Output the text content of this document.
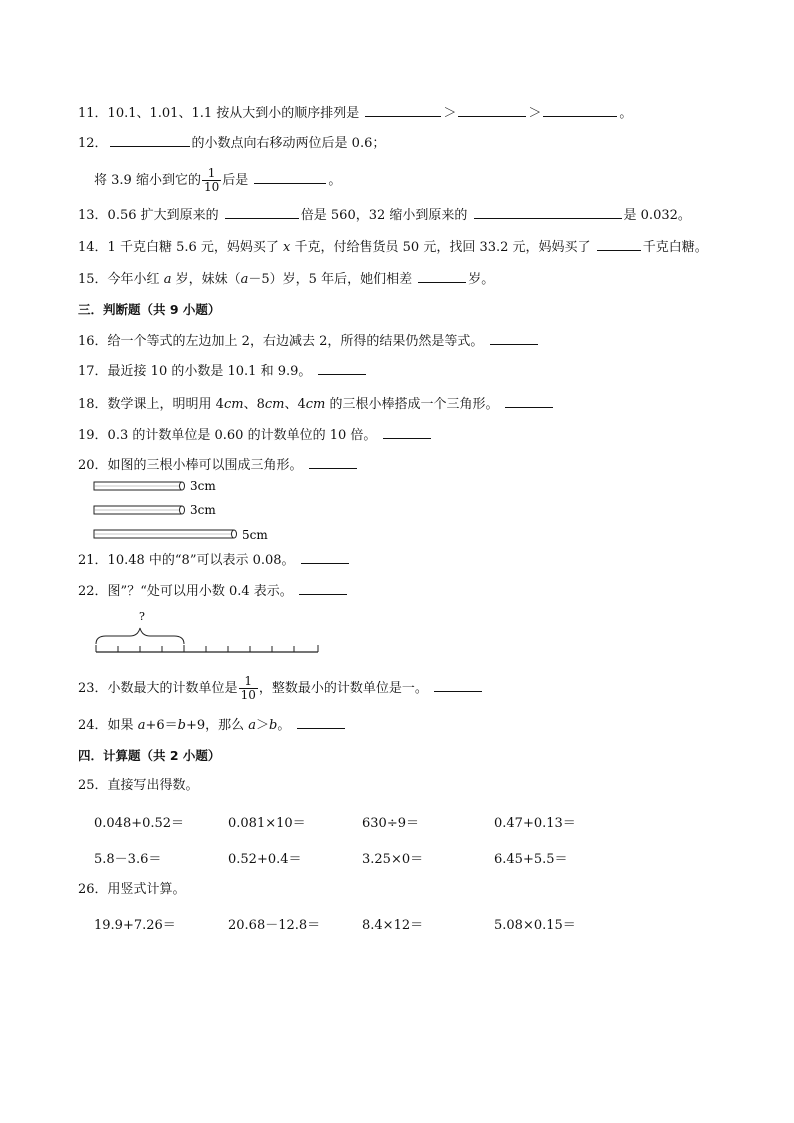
11．10.1、1.01、1.1 按从大到小的顺序排列是	＞	＞	。
12．	的小数点向右移动两位后是 0.6；
将 3.9 缩小到它的 $\frac{1}{10}$ 后是	。
13．0.56 扩大到原来的	倍是 560，32 缩小到原来的	是 0.032。
14．1 千克白糖 5.6 元，妈妈买了 x 千克，付给售货员 50 元，找回 33.2 元，妈妈买了	千克白糖。
15．今年小红 a 岁，妹妹（a－5）岁，5 年后，她们相差	岁。
三．判断题（共 9 小题）
16．给一个等式的左边加上 2，右边减去 2，所得的结果仍然是等式。
17．最近接 10 的小数是 10.1 和 9.9。
18．数学课上，明明用 4cm、8cm、4cm 的三根小棒搭成一个三角形。
19．0.3 的计数单位是 0.60 的计数单位的 10 倍。
20．如图的三根小棒可以围成三角形。
3cm
3cm
5cm
21．10.48 中的“8”可以表示 0.08。
22．图”？“处可以用小数 0.4 表示。
?
23．小数最大的计数单位是 $\frac{1}{10}$ ，整数最小的计数单位是一。
24．如果 a+6＝b+9，那么 a＞b。
四．计算题（共 2 小题）
25．直接写出得数。
0.048+0.52＝	0.081×10＝	630÷9＝	0.47+0.13＝
5.8－3.6＝	0.52+0.4＝	3.25×0＝	6.45+5.5＝
26．用竖式计算。
19.9+7.26＝	20.68－12.8＝	8.4×12＝	5.08×0.15＝
